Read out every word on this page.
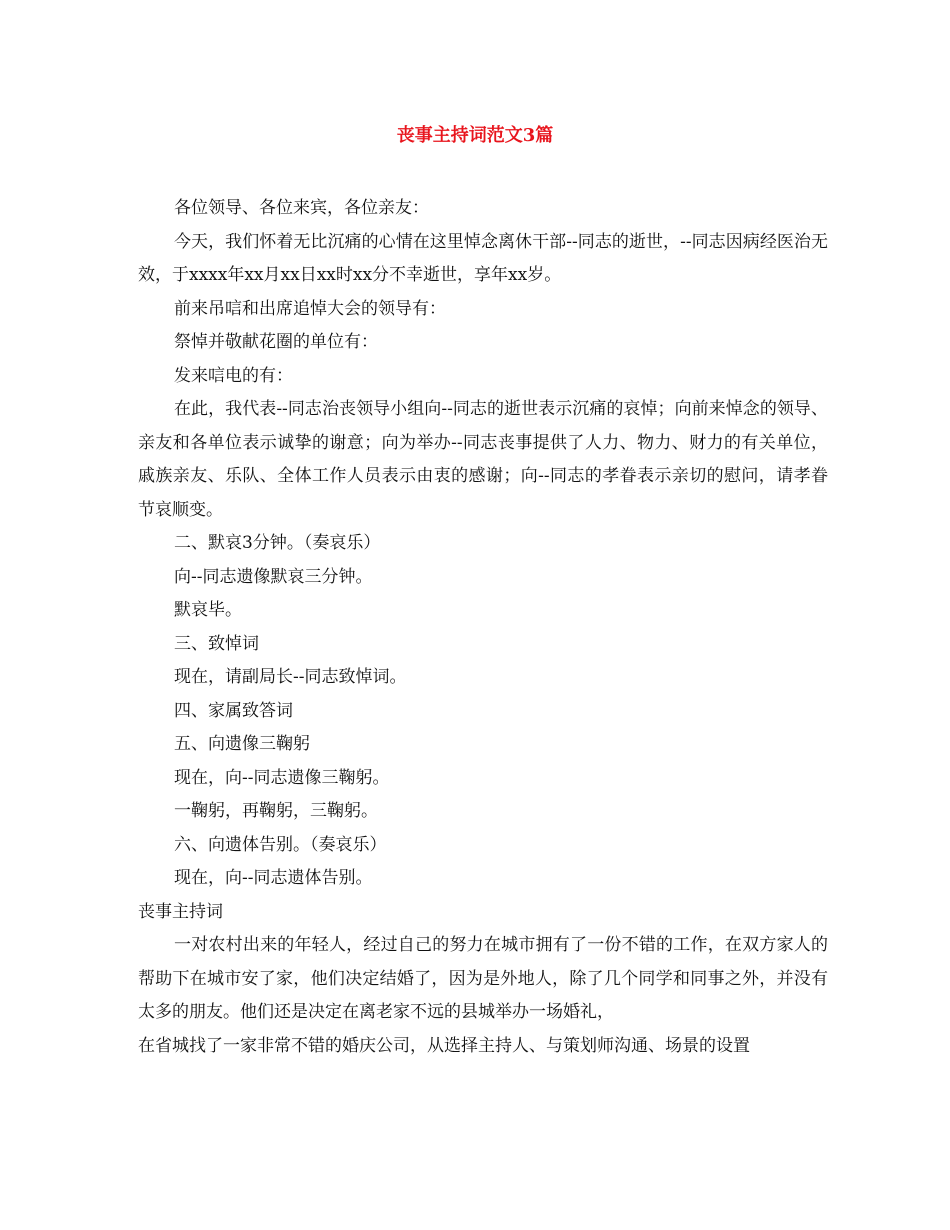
丧事主持词范文3篇

各位领导、各位来宾，各位亲友：

今天，我们怀着无比沉痛的心情在这里悼念离休干部--同志的逝世，--同志因病经医治无效，于xxxx年xx月xx日xx时xx分不幸逝世，享年xx岁。

前来吊唁和出席追悼大会的领导有：

祭悼并敬献花圈的单位有：

发来唁电的有：

在此，我代表--同志治丧领导小组向--同志的逝世表示沉痛的哀悼；向前来悼念的领导、亲友和各单位表示诚挚的谢意；向为举办--同志丧事提供了人力、物力、财力的有关单位，戚族亲友、乐队、全体工作人员表示由衷的感谢；向--同志的孝眷表示亲切的慰问，请孝眷节哀顺变。

二、默哀3分钟。（奏哀乐）

向--同志遗像默哀三分钟。

默哀毕。

三、致悼词

现在，请副局长--同志致悼词。

四、家属致答词

五、向遗像三鞠躬

现在，向--同志遗像三鞠躬。

一鞠躬，再鞠躬，三鞠躬。

六、向遗体告别。（奏哀乐）

现在，向--同志遗体告别。

丧事主持词

一对农村出来的年轻人，经过自己的努力在城市拥有了一份不错的工作，在双方家人的帮助下在城市安了家，他们决定结婚了，因为是外地人，除了几个同学和同事之外，并没有太多的朋友。他们还是决定在离老家不远的县城举办一场婚礼，

在省城找了一家非常不错的婚庆公司，从选择主持人、与策划师沟通、场景的设置
